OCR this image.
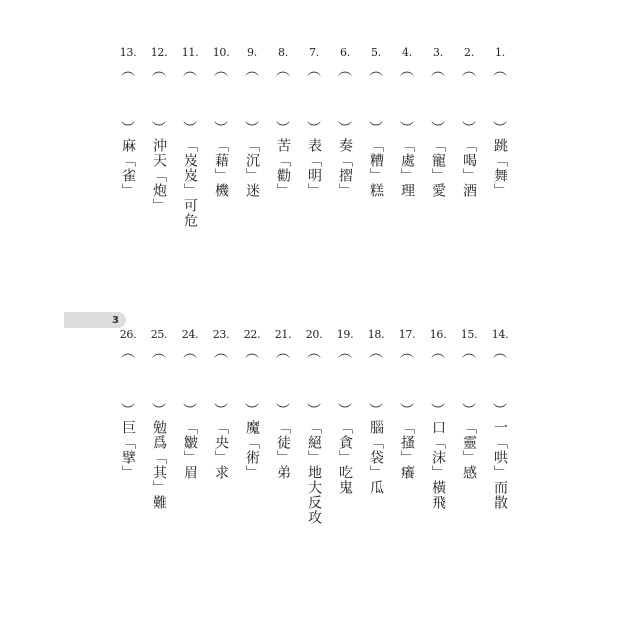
3
1.
︵
︶
跳「舞」
2.
︵
︶
「喝」酒
3.
︵
︶
「寵」愛
4.
︵
︶
「處」理
5.
︵
︶
「糟」糕
6.
︵
︶
奏「摺」
7.
︵
︶
表「明」
8.
︵
︶
苦「勸」
9.
︵
︶
「沉」迷
10.
︵
︶
「藉」機
11.
︵
︶
「岌岌」可危
12.
︵
︶
沖天「炮」
13.
︵
︶
麻「雀」
14.
︵
︶
一「哄」而散
15.
︵
︶
「靈」感
16.
︵
︶
口「沫」橫飛
17.
︵
︶
「搔」癢
18.
︵
︶
腦「袋」瓜
19.
︵
︶
「貪」吃鬼
20.
︵
︶
「絕」地大反攻
21.
︵
︶
「徒」弟
22.
︵
︶
魔「術」
23.
︵
︶
「央」求
24.
︵
︶
「皺」眉
25.
︵
︶
勉爲「其」難
26.
︵
︶
巨「擘」
